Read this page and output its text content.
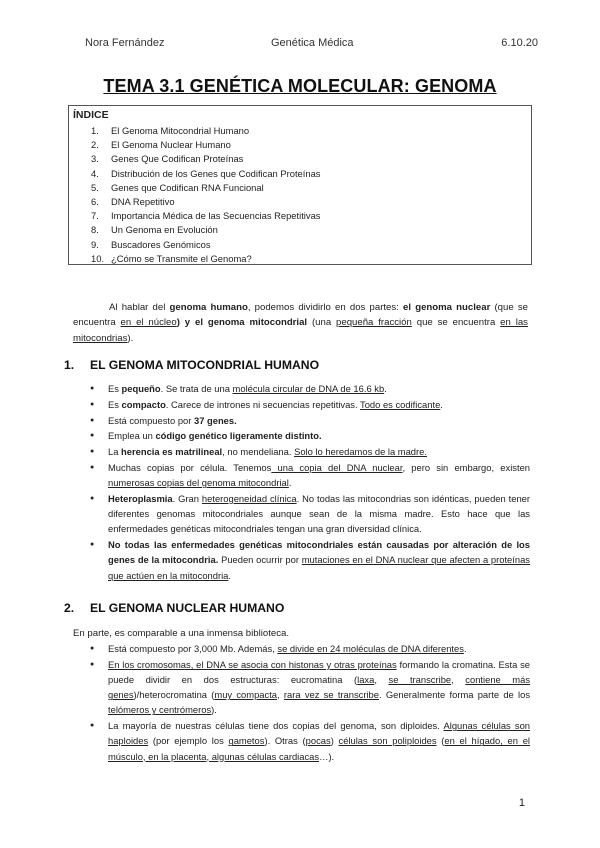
Nora Fernández	Genética Médica	6.10.20
TEMA 3.1 GENÉTICA MOLECULAR: GENOMA
ÍNDICE
1.	El Genoma Mitocondrial Humano
2.	El Genoma Nuclear Humano
3.	Genes Que Codifican Proteínas
4.	Distribución de los Genes que Codifican Proteínas
5.	Genes que Codifican RNA Funcional
6.	DNA Repetitivo
7.	Importancia Médica de las Secuencias Repetitivas
8.	Un Genoma en Evolución
9.	Buscadores Genómicos
10. ¿Cómo se Transmite el Genoma?

Al hablar del genoma humano, podemos dividirlo en dos partes: el genoma nuclear (que se encuentra en el núcleo) y el genoma mitocondrial (una pequeña fracción que se encuentra en las mitocondrias).

1. EL GENOMA MITOCONDRIAL HUMANO
● Es pequeño. Se trata de una molécula circular de DNA de 16.6 kb.
● Es compacto. Carece de intrones ni secuencias repetitivas. Todo es codificante.
● Está compuesto por 37 genes.
● Emplea un código genético ligeramente distinto.
● La herencia es matrilineal, no mendeliana. Solo lo heredamos de la madre.
● Muchas copias por célula. Tenemos una copia del DNA nuclear, pero sin embargo, existen numerosas copias del genoma mitocondrial.
● Heteroplasmia. Gran heterogeneidad clínica. No todas las mitocondrias son idénticas, pueden tener diferentes genomas mitocondriales aunque sean de la misma madre. Esto hace que las enfermedades genéticas mitocondriales tengan una gran diversidad clínica.
● No todas las enfermedades genéticas mitocondriales están causadas por alteración de los genes de la mitocondria. Pueden ocurrir por mutaciones en el DNA nuclear que afecten a proteínas que actúen en la mitocondria.
2. EL GENOMA NUCLEAR HUMANO
En parte, es comparable a una inmensa biblioteca.
● Está compuesto por 3,000 Mb. Además, se divide en 24 moléculas de DNA diferentes.
● En los cromosomas, el DNA se asocia con histonas y otras proteínas formando la cromatina. Esta se puede dividir en dos estructuras: eucromatina (laxa, se transcribe, contiene más genes)/heterocromatina (muy compacta, rara vez se transcribe. Generalmente forma parte de los telómeros y centrómeros).
● La mayoría de nuestras células tiene dos copias del genoma, son diploides. Algunas células son haploides (por ejemplo los gametos). Otras (pocas) células son poliploides (en el hígado, en el músculo, en la placenta, algunas células cardiacas…).
1
